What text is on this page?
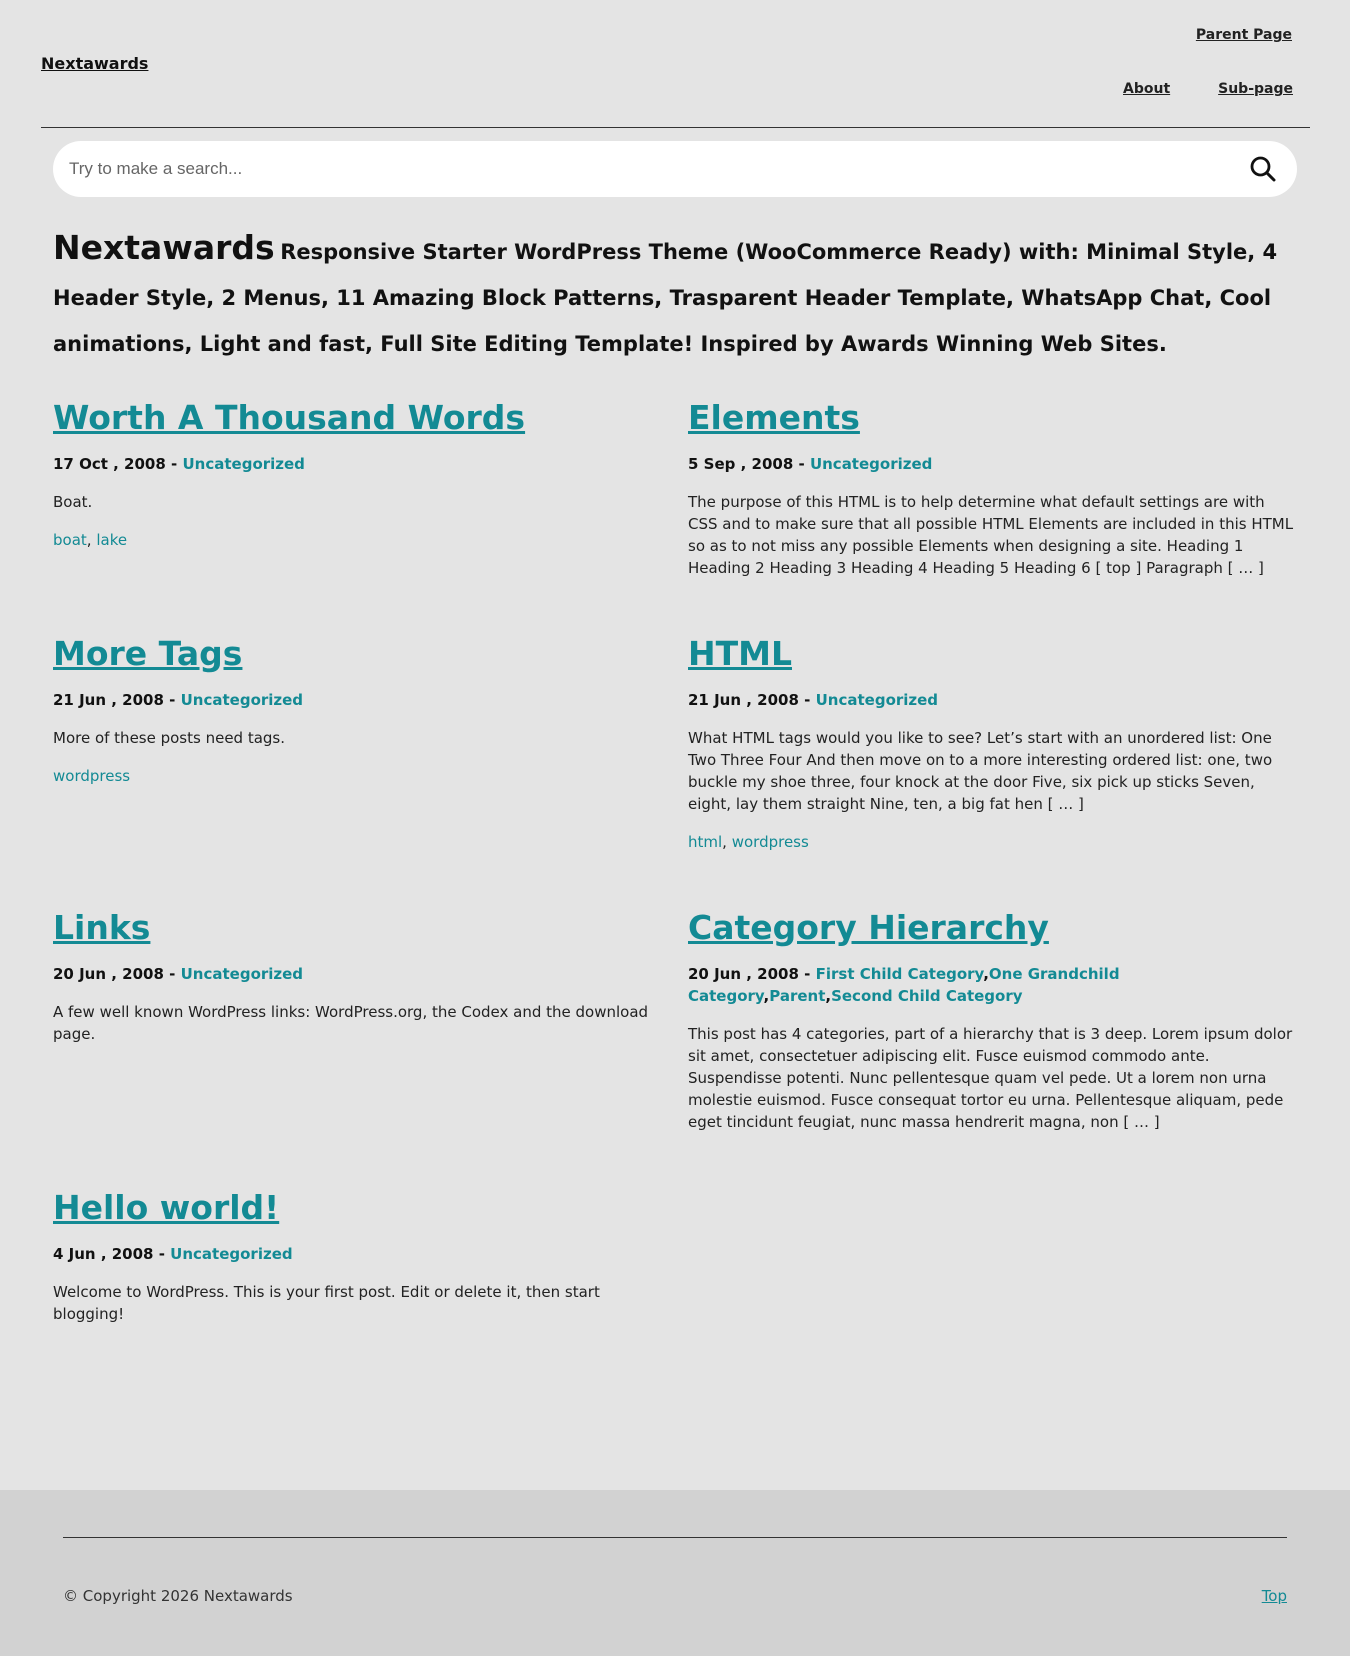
Nextawards
Parent Page
About	Sub-page
Try to make a search...
Nextawards Responsive Starter WordPress Theme (WooCommerce Ready) with: Minimal Style, 4 Header Style, 2 Menus, 11 Amazing Block Patterns, Trasparent Header Template, WhatsApp Chat, Cool animations, Light and fast, Full Site Editing Template! Inspired by Awards Winning Web Sites.
Worth A Thousand Words
17 Oct , 2008 - Uncategorized
Boat.
boat, lake
Elements
5 Sep , 2008 - Uncategorized
The purpose of this HTML is to help determine what default settings are with CSS and to make sure that all possible HTML Elements are included in this HTML so as to not miss any possible Elements when designing a site. Heading 1 Heading 2 Heading 3 Heading 4 Heading 5 Heading 6 [ top ] Paragraph [ … ]
More Tags
21 Jun , 2008 - Uncategorized
More of these posts need tags.
wordpress
HTML
21 Jun , 2008 - Uncategorized
What HTML tags would you like to see? Let’s start with an unordered list: One Two Three Four And then move on to a more interesting ordered list: one, two buckle my shoe three, four knock at the door Five, six pick up sticks Seven, eight, lay them straight Nine, ten, a big fat hen [ … ]
html, wordpress
Links
20 Jun , 2008 - Uncategorized
A few well known WordPress links: WordPress.org, the Codex and the download page.
Category Hierarchy
20 Jun , 2008 - First Child Category,One Grandchild Category,Parent,Second Child Category
This post has 4 categories, part of a hierarchy that is 3 deep. Lorem ipsum dolor sit amet, consectetuer adipiscing elit. Fusce euismod commodo ante. Suspendisse potenti. Nunc pellentesque quam vel pede. Ut a lorem non urna molestie euismod. Fusce consequat tortor eu urna. Pellentesque aliquam, pede eget tincidunt feugiat, nunc massa hendrerit magna, non [ … ]
Hello world!
4 Jun , 2008 - Uncategorized
Welcome to WordPress. This is your first post. Edit or delete it, then start blogging!
© Copyright 2026 Nextawards	Top
